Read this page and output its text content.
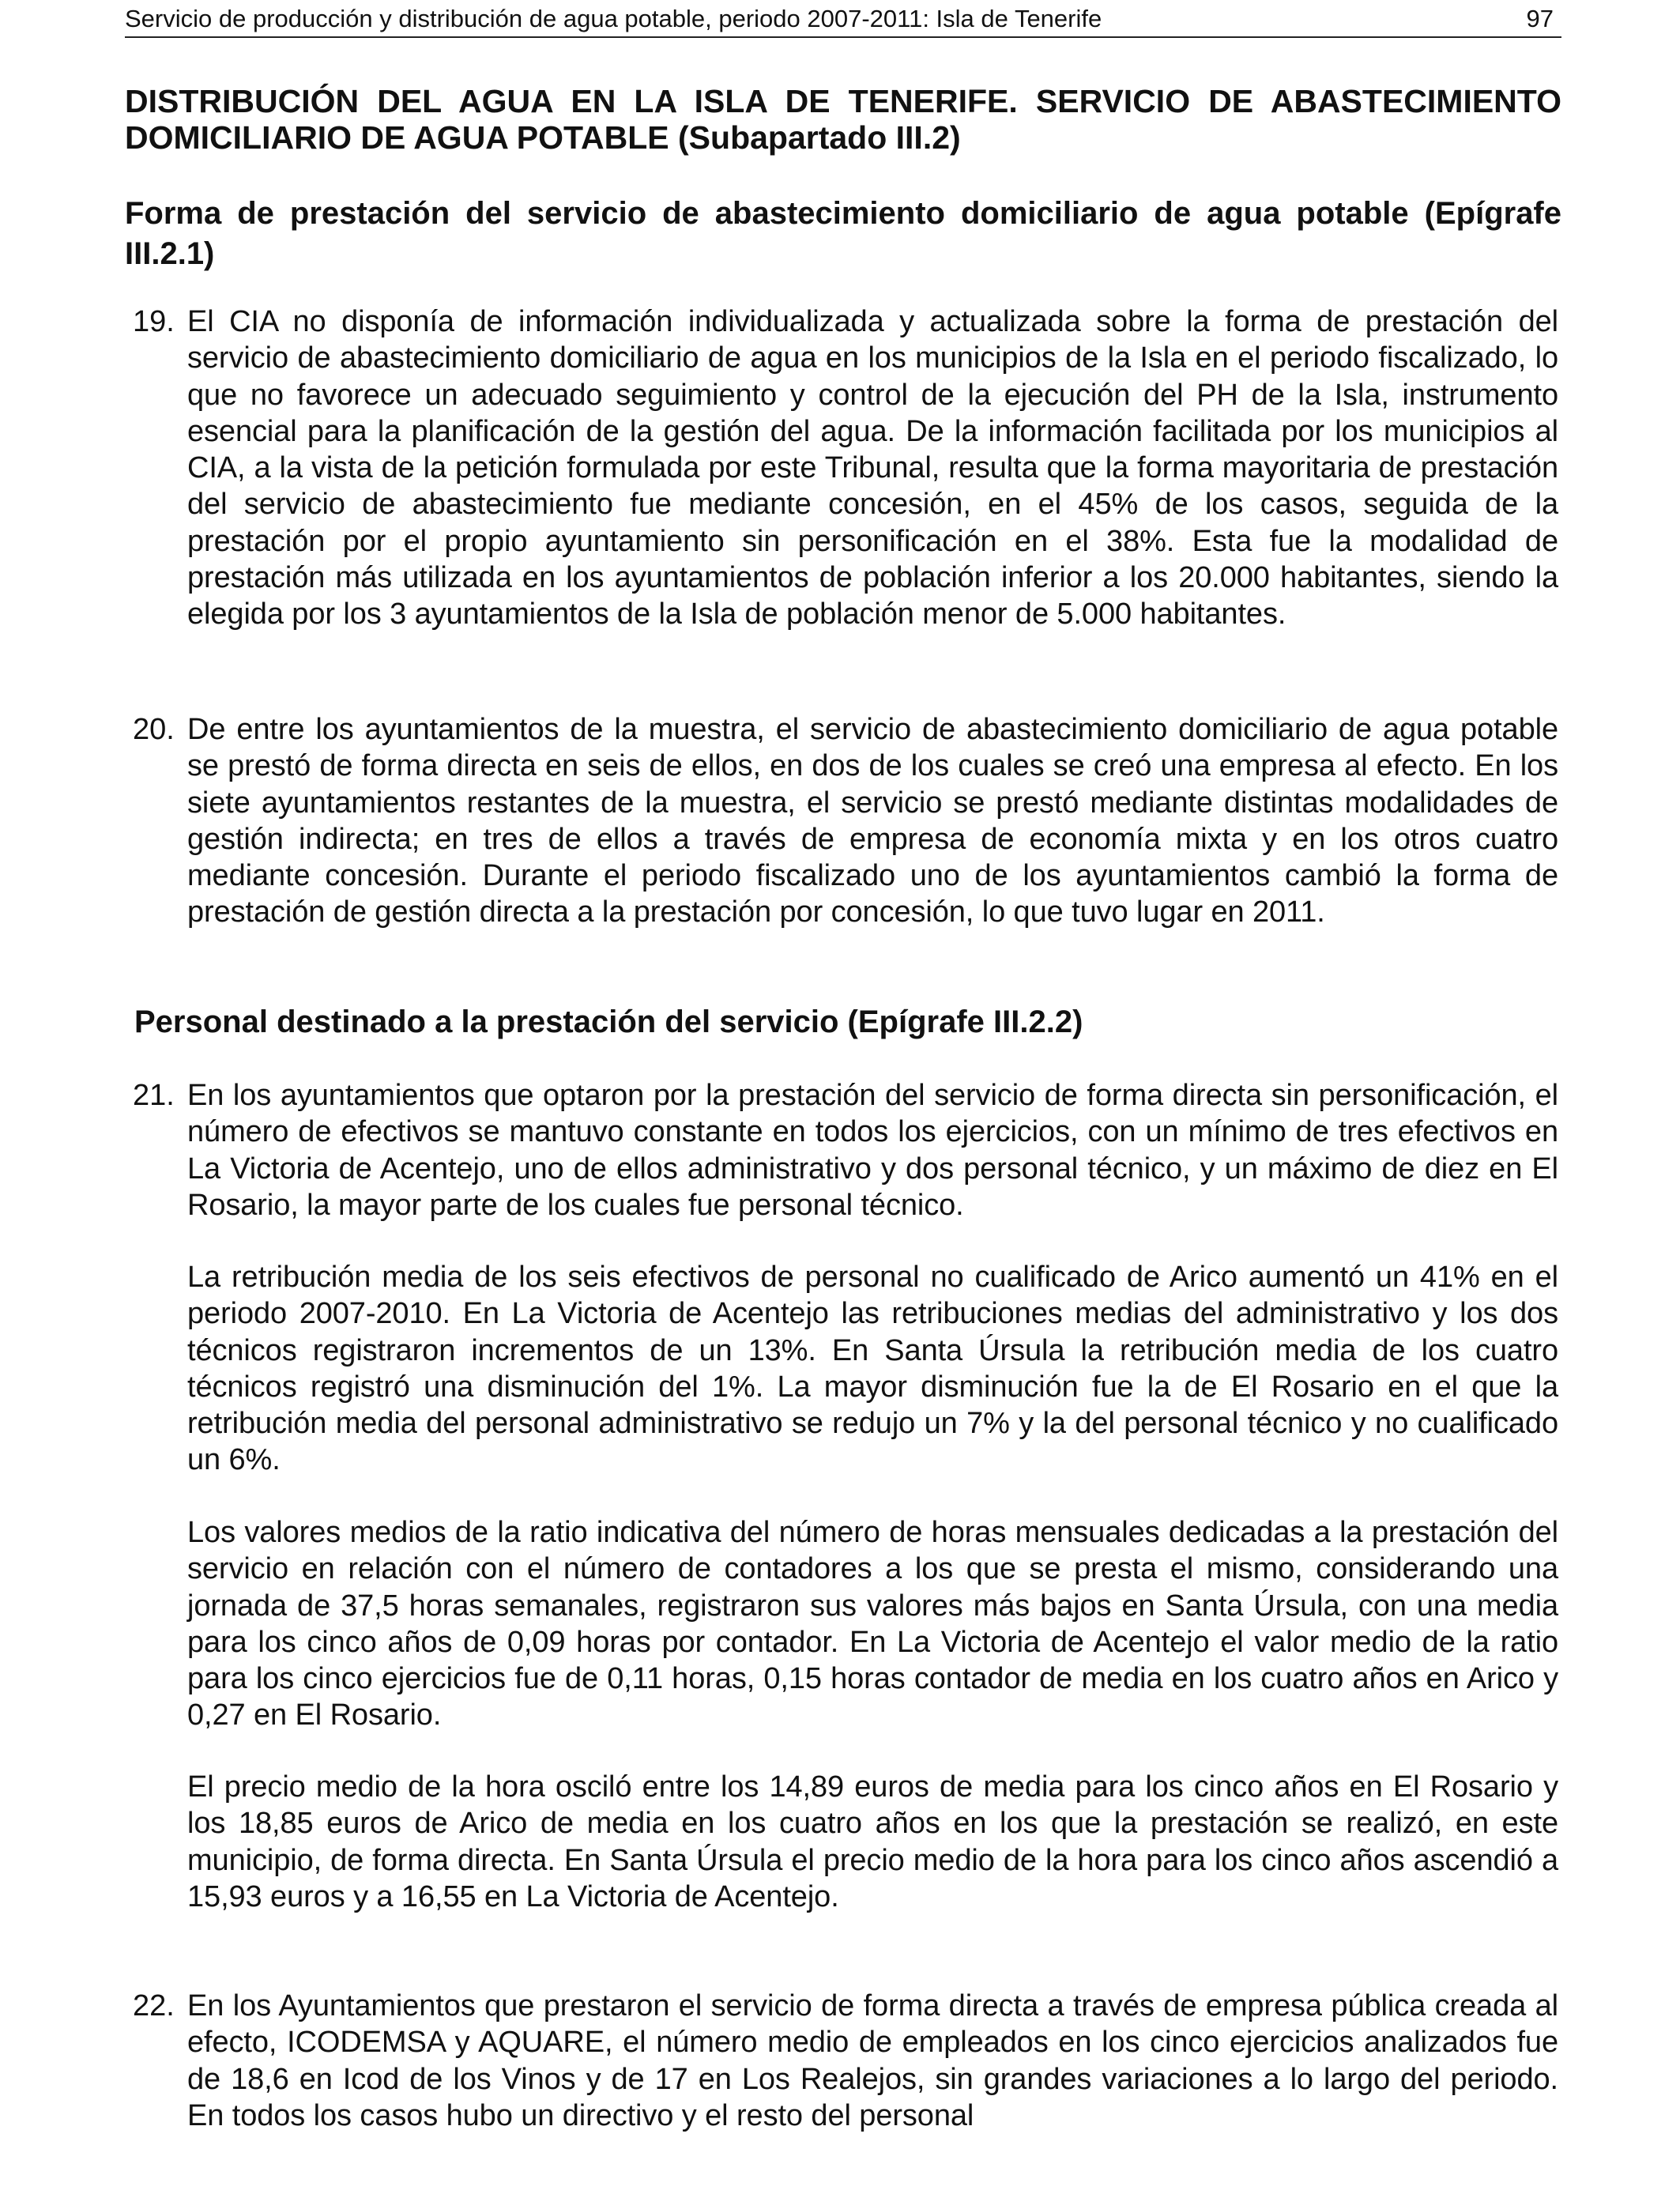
Servicio de producción y distribución de agua potable, periodo 2007-2011: Isla de Tenerife	97
DISTRIBUCIÓN DEL AGUA EN LA ISLA DE TENERIFE. SERVICIO DE ABASTECIMIENTO DOMICILIARIO DE AGUA POTABLE (Subapartado III.2)
Forma de prestación del servicio de abastecimiento domiciliario de agua potable (Epígrafe III.2.1)
19. El CIA no disponía de información individualizada y actualizada sobre la forma de prestación del servicio de abastecimiento domiciliario de agua en los municipios de la Isla en el periodo fiscalizado, lo que no favorece un adecuado seguimiento y control de la ejecución del PH de la Isla, instrumento esencial para la planificación de la gestión del agua. De la información facilitada por los municipios al CIA, a la vista de la petición formulada por este Tribunal, resulta que la forma mayoritaria de prestación del servicio de abastecimiento fue mediante concesión, en el 45% de los casos, seguida de la prestación por el propio ayuntamiento sin personificación en el 38%. Esta fue la modalidad de prestación más utilizada en los ayuntamientos de población inferior a los 20.000 habitantes, siendo la elegida por los 3 ayuntamientos de la Isla de población menor de 5.000 habitantes.
20. De entre los ayuntamientos de la muestra, el servicio de abastecimiento domiciliario de agua potable se prestó de forma directa en seis de ellos, en dos de los cuales se creó una empresa al efecto. En los siete ayuntamientos restantes de la muestra, el servicio se prestó mediante distintas modalidades de gestión indirecta; en tres de ellos a través de empresa de economía mixta y en los otros cuatro mediante concesión. Durante el periodo fiscalizado uno de los ayuntamientos cambió la forma de prestación de gestión directa a la prestación por concesión, lo que tuvo lugar en 2011.
Personal destinado a la prestación del servicio (Epígrafe III.2.2)
21. En los ayuntamientos que optaron por la prestación del servicio de forma directa sin personificación, el número de efectivos se mantuvo constante en todos los ejercicios, con un mínimo de tres efectivos en La Victoria de Acentejo, uno de ellos administrativo y dos personal técnico, y un máximo de diez en El Rosario, la mayor parte de los cuales fue personal técnico.
La retribución media de los seis efectivos de personal no cualificado de Arico aumentó un 41% en el periodo 2007-2010. En La Victoria de Acentejo las retribuciones medias del administrativo y los dos técnicos registraron incrementos de un 13%. En Santa Úrsula la retribución media de los cuatro técnicos registró una disminución del 1%. La mayor disminución fue la de El Rosario en el que la retribución media del personal administrativo se redujo un 7% y la del personal técnico y no cualificado un 6%.
Los valores medios de la ratio indicativa del número de horas mensuales dedicadas a la prestación del servicio en relación con el número de contadores a los que se presta el mismo, considerando una jornada de 37,5 horas semanales, registraron sus valores más bajos en Santa Úrsula, con una media para los cinco años de 0,09 horas por contador. En La Victoria de Acentejo el valor medio de la ratio para los cinco ejercicios fue de 0,11 horas, 0,15 horas contador de media en los cuatro años en Arico y 0,27 en El Rosario.
El precio medio de la hora osciló entre los 14,89 euros de media para los cinco años en El Rosario y los 18,85 euros de Arico de media en los cuatro años en los que la prestación se realizó, en este municipio, de forma directa. En Santa Úrsula el precio medio de la hora para los cinco años ascendió a 15,93 euros y a 16,55 en La Victoria de Acentejo.
22. En los Ayuntamientos que prestaron el servicio de forma directa a través de empresa pública creada al efecto, ICODEMSA y AQUARE, el número medio de empleados en los cinco ejercicios analizados fue de 18,6 en Icod de los Vinos y de 17 en Los Realejos, sin grandes variaciones a lo largo del periodo. En todos los casos hubo un directivo y el resto del personal
